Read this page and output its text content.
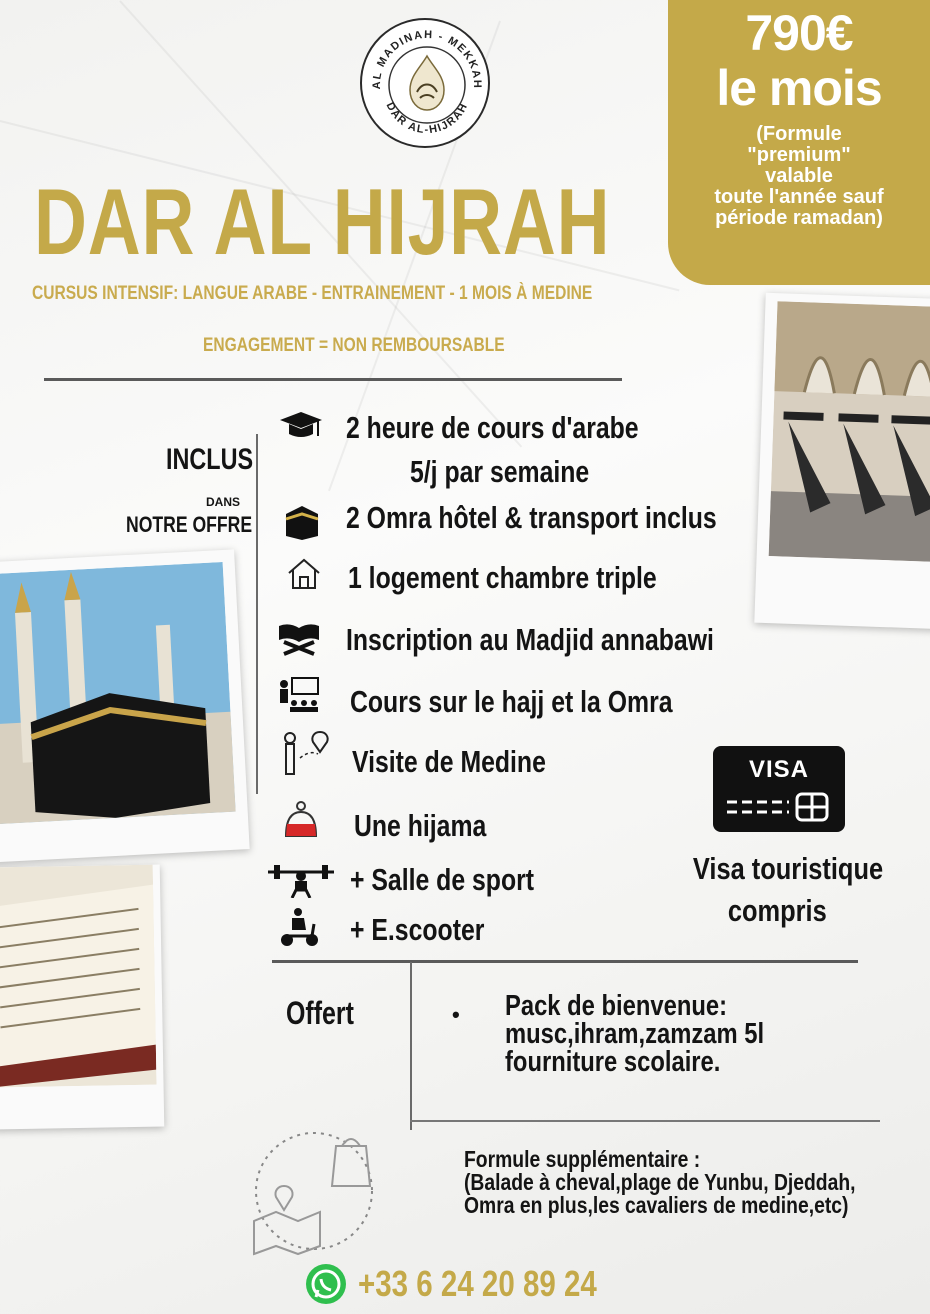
AL MADINAH - MEKKAH
DAR AL-HIJRAH
790€
le mois
(Formule
"premium"
valable
toute l'année sauf
période ramadan)
DAR AL HIJRAH
CURSUS INTENSIF: LANGUE ARABE - ENTRAINEMENT - 1 MOIS À MEDINE
ENGAGEMENT = NON REMBOURSABLE
INCLUS
DANS
NOTRE OFFRE
2 heure de cours d'arabe
5/j par semaine
2 Omra hôtel & transport inclus
1 logement chambre triple
Inscription au Madjid annabawi
Cours sur le hajj et la Omra
Visite de Medine
Une hijama
+ Salle de sport
+ E.scooter
VISA
Visa touristique
compris
Offert	• Pack de bienvenue:
musc,ihram,zamzam 5l
fourniture scolaire.
Formule supplémentaire :
(Balade à cheval,plage de Yunbu, Djeddah,
Omra en plus,les cavaliers de medine,etc)
+33 6 24 20 89 24
